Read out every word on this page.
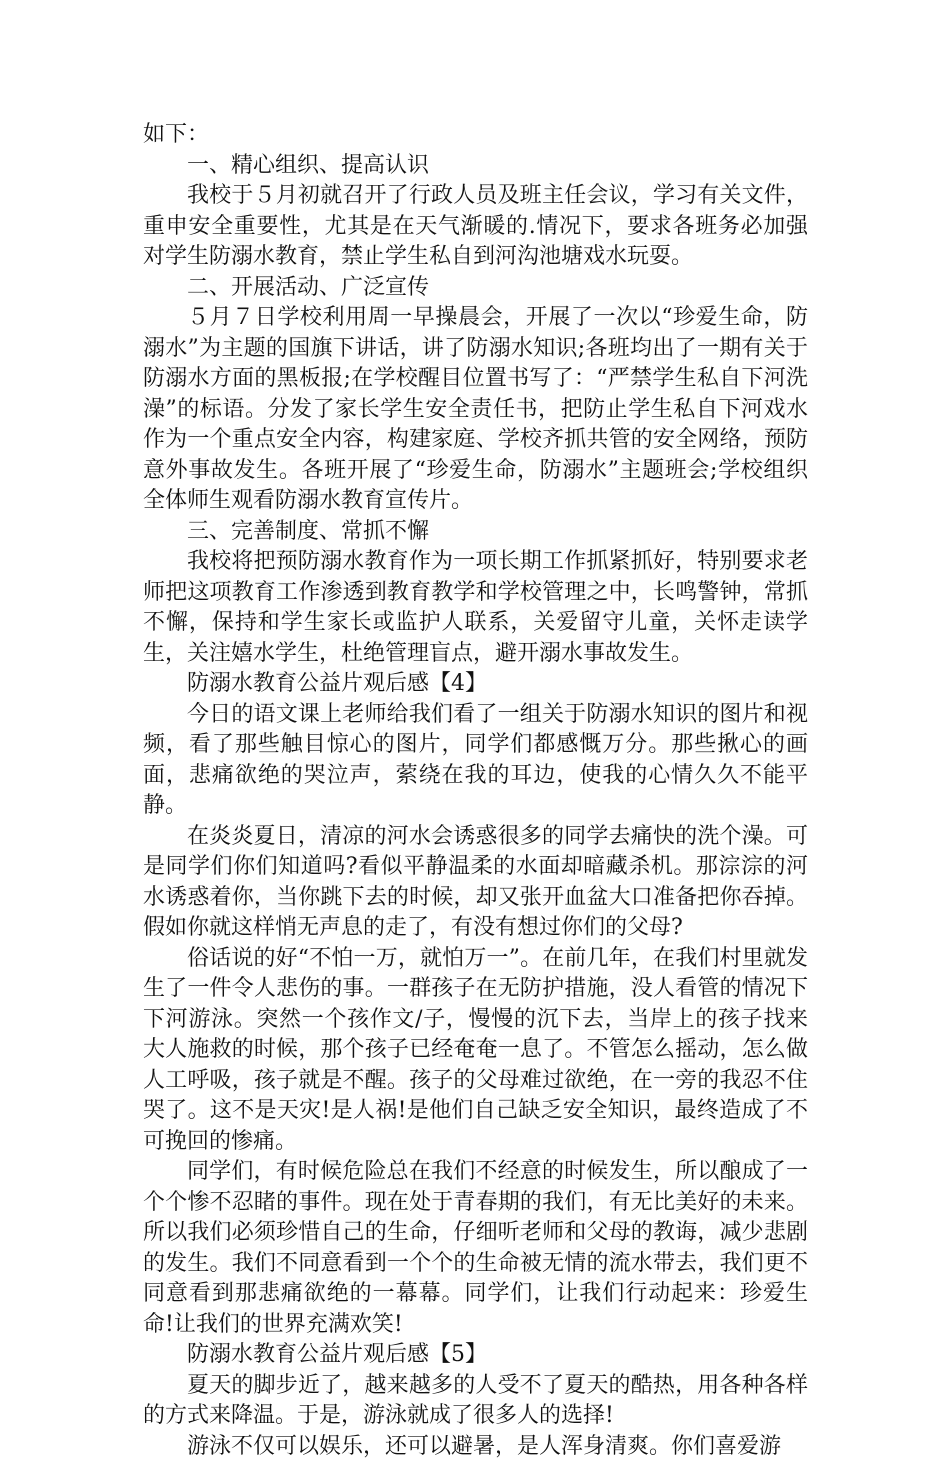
如下：

一、精心组织、提高认识

我校于５月初就召开了行政人员及班主任会议，学习有关文件，重申安全重要性，尤其是在天气渐暖的.情况下，要求各班务必加强对学生防溺水教育，禁止学生私自到河沟池塘戏水玩耍。

二、开展活动、广泛宣传

５月７日学校利用周一早操晨会，开展了一次以“珍爱生命，防溺水”为主题的国旗下讲话，讲了防溺水知识;各班均出了一期有关于防溺水方面的黑板报;在学校醒目位置书写了：“严禁学生私自下河洗澡”的标语。分发了家长学生安全责任书，把防止学生私自下河戏水作为一个重点安全内容，构建家庭、学校齐抓共管的安全网络，预防意外事故发生。各班开展了“珍爱生命，防溺水”主题班会;学校组织全体师生观看防溺水教育宣传片。

三、完善制度、常抓不懈

我校将把预防溺水教育作为一项长期工作抓紧抓好，特别要求老师把这项教育工作渗透到教育教学和学校管理之中，长鸣警钟，常抓不懈，保持和学生家长或监护人联系，关爱留守儿童，关怀走读学生，关注嬉水学生，杜绝管理盲点，避开溺水事故发生。

防溺水教育公益片观后感【4】

今日的语文课上老师给我们看了一组关于防溺水知识的图片和视频，看了那些触目惊心的图片，同学们都感慨万分。那些揪心的画面，悲痛欲绝的哭泣声，萦绕在我的耳边，使我的心情久久不能平静。

在炎炎夏日，清凉的河水会诱惑很多的同学去痛快的洗个澡。可是同学们你们知道吗?看似平静温柔的水面却暗藏杀机。那淙淙的河水诱惑着你，当你跳下去的时候，却又张开血盆大口准备把你吞掉。假如你就这样悄无声息的走了，有没有想过你们的父母?

俗话说的好“不怕一万，就怕万一”。在前几年，在我们村里就发生了一件令人悲伤的事。一群孩子在无防护措施，没人看管的情况下下河游泳。突然一个孩作文/子，慢慢的沉下去，当岸上的孩子找来大人施救的时候，那个孩子已经奄奄一息了。不管怎么摇动，怎么做人工呼吸，孩子就是不醒。孩子的父母难过欲绝，在一旁的我忍不住哭了。这不是天灾!是人祸!是他们自己缺乏安全知识，最终造成了不可挽回的惨痛。

同学们，有时候危险总在我们不经意的时候发生，所以酿成了一个个惨不忍睹的事件。现在处于青春期的我们，有无比美好的未来。所以我们必须珍惜自己的生命，仔细听老师和父母的教诲，减少悲剧的发生。我们不同意看到一个个的生命被无情的流水带去，我们更不同意看到那悲痛欲绝的一幕幕。同学们，让我们行动起来：珍爱生命!让我们的世界充满欢笑!

防溺水教育公益片观后感【5】

夏天的脚步近了，越来越多的人受不了夏天的酷热，用各种各样的方式来降温。于是，游泳就成了很多人的选择!

游泳不仅可以娱乐，还可以避暑，是人浑身清爽。你们喜爱游
